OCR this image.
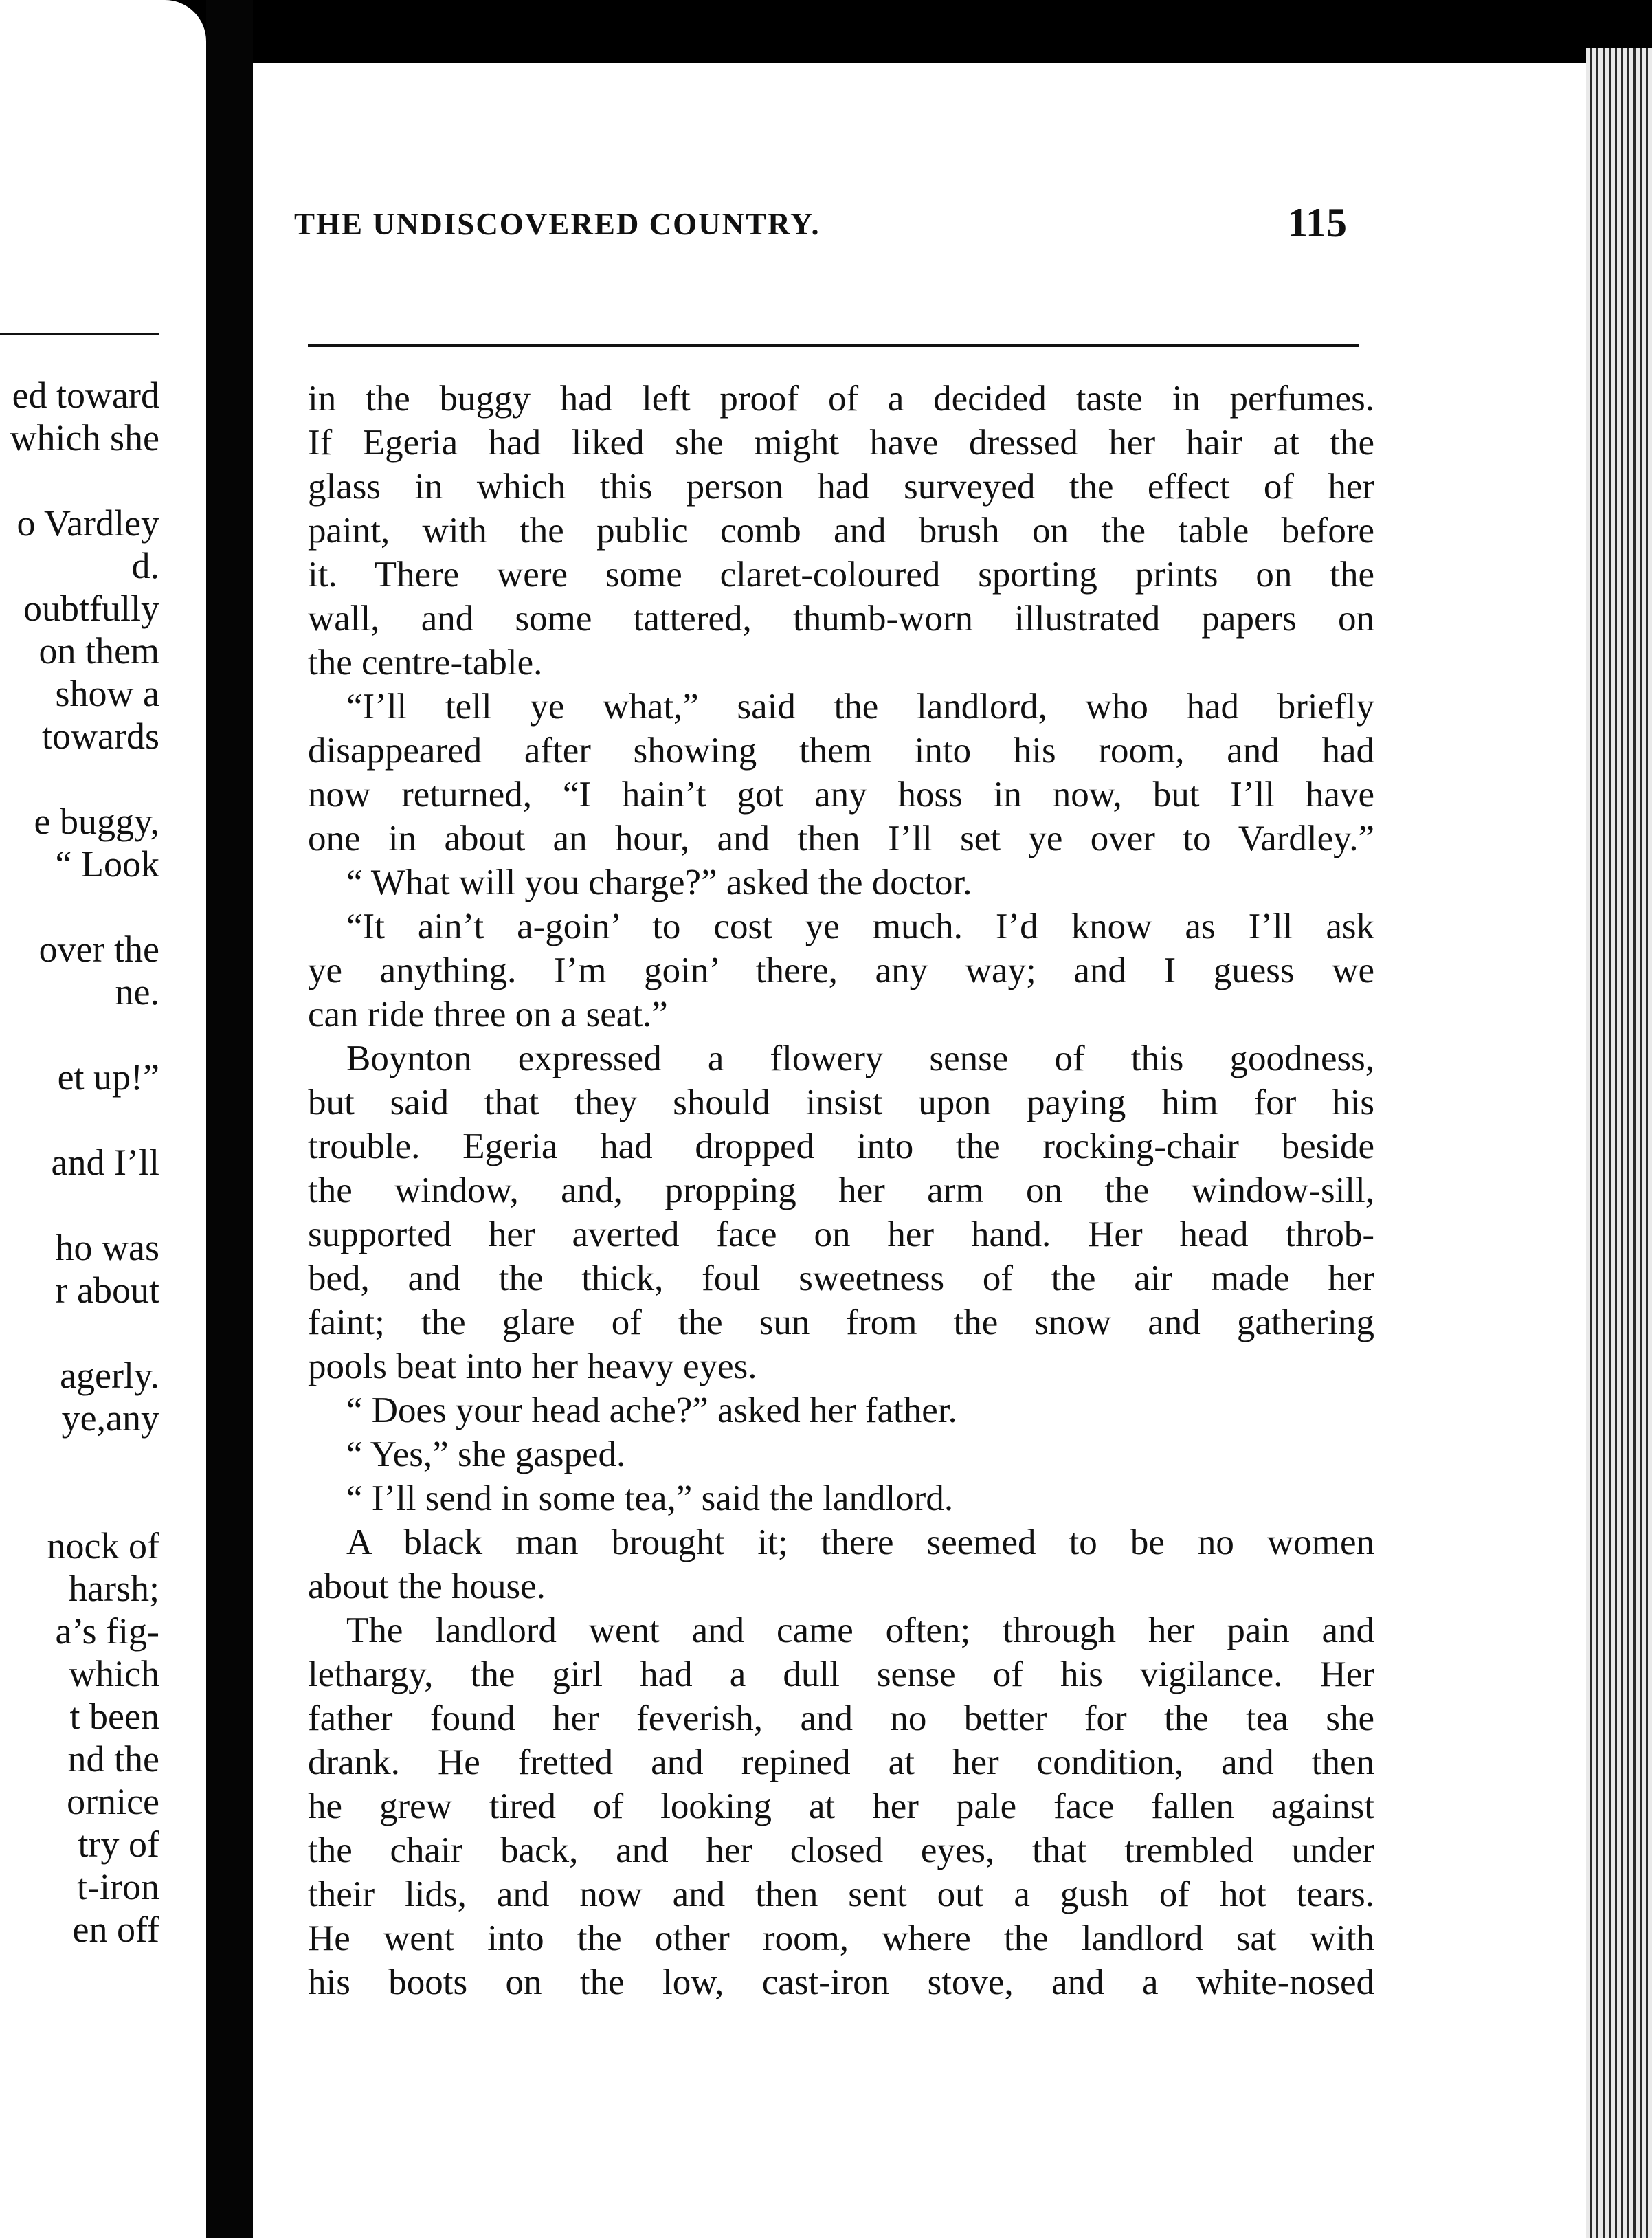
ed toward
which she
o Vardley
d.
oubtfully
on them
show a
towards
e buggy,
“ Look
over the
ne.
et up!”
and I’ll
ho was
r about
agerly.
ye,any
nock of
harsh;
a’s fig-
which
t been
nd the
ornice
try of
t-iron
en off
THE UNDISCOVERED COUNTRY.	115
in the buggy had left proof of a decided taste in perfumes.
If Egeria had liked she might have dressed her hair at the
glass in which this person had surveyed the effect of her
paint, with the public comb and brush on the table before
it. There were some claret-coloured sporting prints on the
wall, and some tattered, thumb-worn illustrated papers on
the centre-table.
“I’ll tell ye what,” said the landlord, who had briefly
disappeared after showing them into his room, and had
now returned, “I hain’t got any hoss in now, but I’ll have
one in about an hour, and then I’ll set ye over to Vardley.”
“ What will you charge?” asked the doctor.
“It ain’t a-goin’ to cost ye much. I’d know as I’ll ask
ye anything. I’m goin’ there, any way; and I guess we
can ride three on a seat.”
Boynton expressed a flowery sense of this goodness,
but said that they should insist upon paying him for his
trouble. Egeria had dropped into the rocking-chair beside
the window, and, propping her arm on the window-sill,
supported her averted face on her hand. Her head throb-
bed, and the thick, foul sweetness of the air made her
faint; the glare of the sun from the snow and gathering
pools beat into her heavy eyes.
“ Does your head ache?” asked her father.
“ Yes,” she gasped.
“ I’ll send in some tea,” said the landlord.
A black man brought it; there seemed to be no women
about the house.
The landlord went and came often; through her pain and
lethargy, the girl had a dull sense of his vigilance. Her
father found her feverish, and no better for the tea she
drank. He fretted and repined at her condition, and then
he grew tired of looking at her pale face fallen against
the chair back, and her closed eyes, that trembled under
their lids, and now and then sent out a gush of hot tears.
He went into the other room, where the landlord sat with
his boots on the low, cast-iron stove, and a white-nosed
